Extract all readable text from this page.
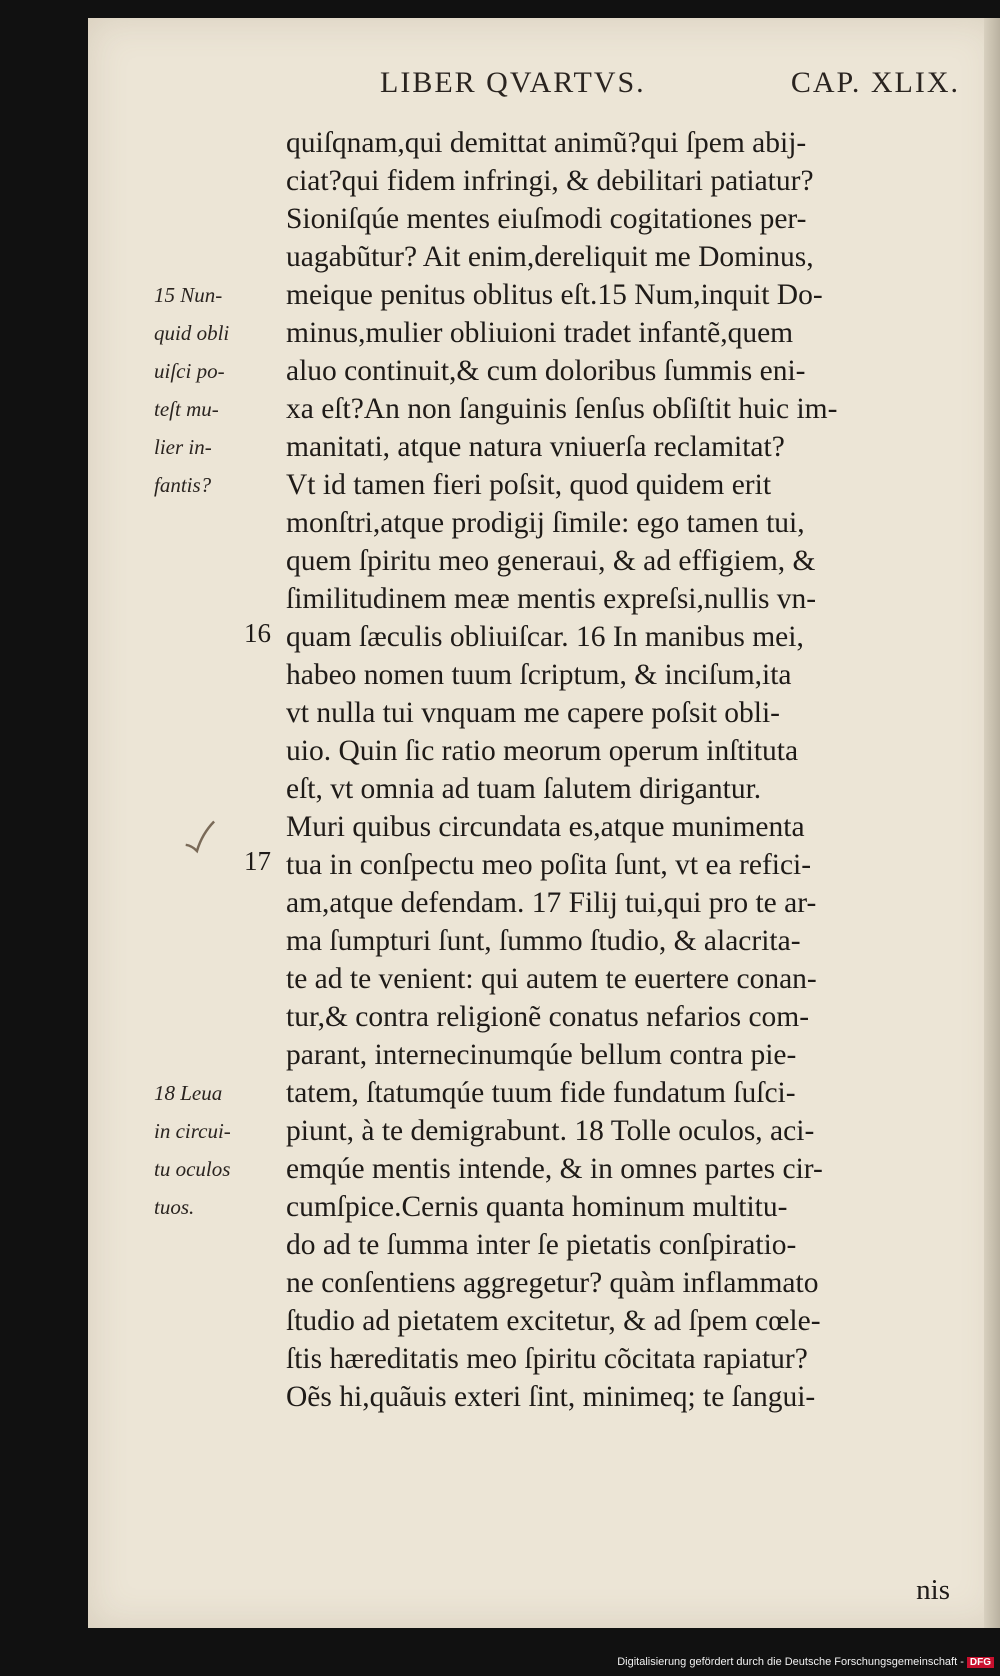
LIBER QVARTVS.	CAP. XLIX.
quiſqnam,qui demittat animũ?qui ſpem abij-
ciat?qui fidem infringi, & debilitari patiatur?
Sioniſqúe mentes eiuſmodi cogitationes per-
uagabũtur? Ait enim,dereliquit me Dominus,
meique penitus oblitus eſt.15 Num,inquit Do-
minus,mulier obliuioni tradet infantẽ,quem
aluo continuit,& cum doloribus ſummis eni-
xa eſt?An non ſanguinis ſenſus obſiſtit huic im-
manitati, atque natura vniuerſa reclamitat?
Vt id tamen fieri poſsit, quod quidem erit
monſtri,atque prodigij ſimile: ego tamen tui,
quem ſpiritu meo generaui, & ad effigiem, &
ſimilitudinem meæ mentis expreſsi,nullis vn-
quam ſæculis obliuiſcar. 16 In manibus mei,
habeo nomen tuum ſcriptum, & inciſum,ita
vt nulla tui vnquam me capere poſsit obli-
uio. Quin ſic ratio meorum operum inſtituta
eſt, vt omnia ad tuam ſalutem dirigantur.
Muri quibus circundata es,atque munimenta
tua in conſpectu meo poſita ſunt, vt ea refici-
am,atque defendam. 17 Filij tui,qui pro te ar-
ma ſumpturi ſunt, ſummo ſtudio, & alacrita-
te ad te venient: qui autem te euertere conan-
tur,& contra religionẽ conatus nefarios com-
parant, internecinumqúe bellum contra pie-
tatem, ſtatumqúe tuum fide fundatum ſuſci-
piunt, à te demigrabunt. 18 Tolle oculos, aci-
emqúe mentis intende, & in omnes partes cir-
cumſpice.Cernis quanta hominum multitu-
do ad te ſumma inter ſe pietatis conſpiratio-
ne conſentiens aggregetur? quàm inflammato
ſtudio ad pietatem excitetur, & ad ſpem cœle-
ſtis hæreditatis meo ſpiritu cõcitata rapiatur?
Oẽs hi,quãuis exteri ſint, minimeq; te ſangui-
16
17
15 Nun-
quid obli
uiſci po-
teſt mu-
lier in-
fantis?
18 Leua
in circui-
tu oculos
tuos.
nis
Digitalisierung gefördert durch die Deutsche Forschungsgemeinschaft - DFG
